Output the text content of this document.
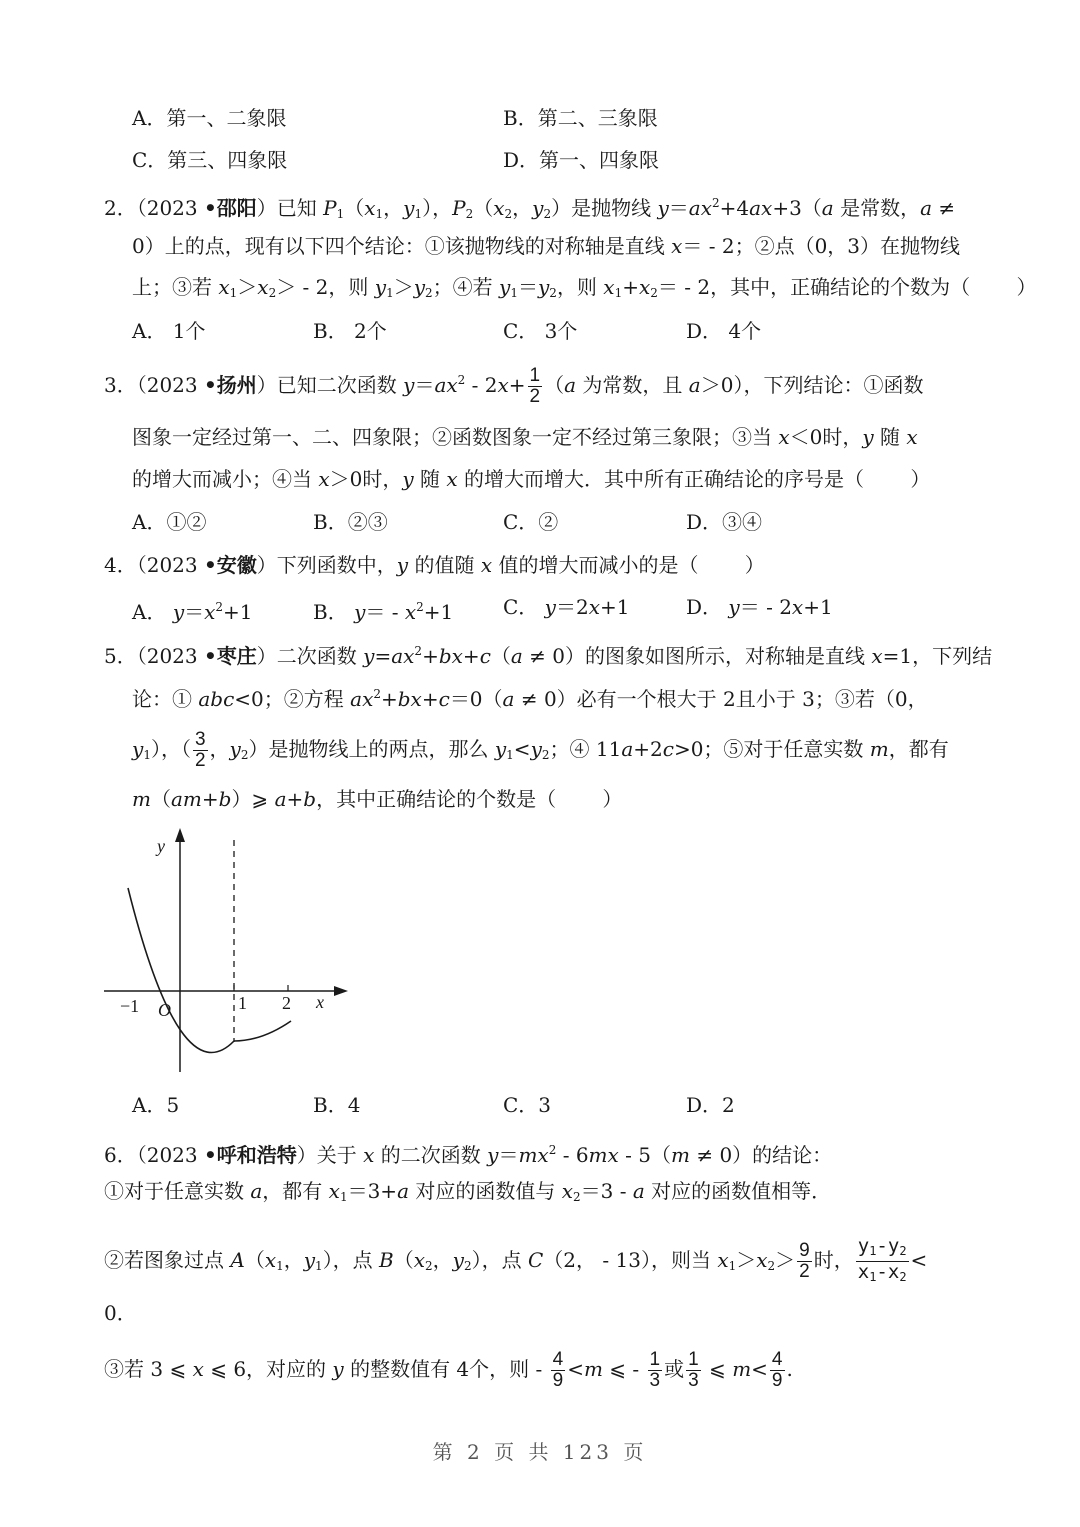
A．第一、二象限	B．第二、三象限
C．第三、四象限	D．第一、四象限
2．（2023 •邵阳）已知 $P_1(x_1$，$y_1$），$P_2(x_2$，$y_2$）是抛物线 $y=ax^2+4ax+3(a$ 是常数，a ≠
0）上的点，现有以下四个结论：①该抛物线的对称轴是直线 x＝ - 2；②点（0，3）在抛物线
上；③若 $x_1>x_2> - 2$，则 $y_1>y_2$；④若 $y_1=y_2$，则 $x_1+x_2= - 2$，其中，正确结论的个数为（　　 ）
A． 1个	B． 2个	C． 3个	D． 4个
3．（2023 •扬州）已知二次函数 $y=ax^2 - 2x+ \frac{1}{2} (a$ 为常数，且 a＞0），下列结论：①函数
图象一定经过第一、二、四象限；②函数图象一定不经过第三象限；③当 x＜0时，y 随 x
的增大而减小；④当 x＞0时，y 随 x 的增大而增大．其中所有正确结论的序号是（　　 ）
A．①②	B．②③	C．②	D．③④
4．（2023 •安徽）下列函数中，y 的值随 x 值的增大而减小的是（　　 ）
A． $y=x^2+1$	B． $y= - x^2+1$ C． y＝2x+1	D． y＝ - 2x+1
5．（2023 •枣庄）二次函数 $y=ax^2+bx+c(a \ne 0)$的图象如图所示，对称轴是直线 x=1，下列结
论：① abc<0；②方程 $ax^2+bx+c=0(a \ne 0)$必有一个根大于 2且小于 3；③若（0，
$y_1$），（ $\frac{3}{2}$ ，$y_2$）是抛物线上的两点，那么 $y_1<y_2$；④ 11a+2c>0；⑤对于任意实数 m，都有
m（am+b）⩾ a+b，其中正确结论的个数是（　　 ）
y
x
O
−1	1 2
A．5	B．4	C．3	D．2
6．（2023 •呼和浩特）关于 x 的二次函数 $y=mx^2 - 6mx - 5(m \ne 0)$的结论：
①对于任意实数 a，都有 $x_1=3+a$ 对应的函数值与 $x_2=3 - a$ 对应的函数值相等．
②若图象过点 $A(x_1$，$y_1$），点 $B(x_2$，$y_2$），点 C（2， - 13），则当 $x_1>x_2> \frac{9}{2}$ 时， $\frac{y_1-y_2}{x_1-x_2}$ <
0．
③若 3 ⩽ x ⩽ 6，对应的 y 的整数值有 4个，则 - $\frac{4}{9} <m$ ⩽ - $\frac{1}{3}$ 或 $\frac{1}{3}$ ⩽ $m< \frac{4}{9}$ .
第 2 页 共 123 页
